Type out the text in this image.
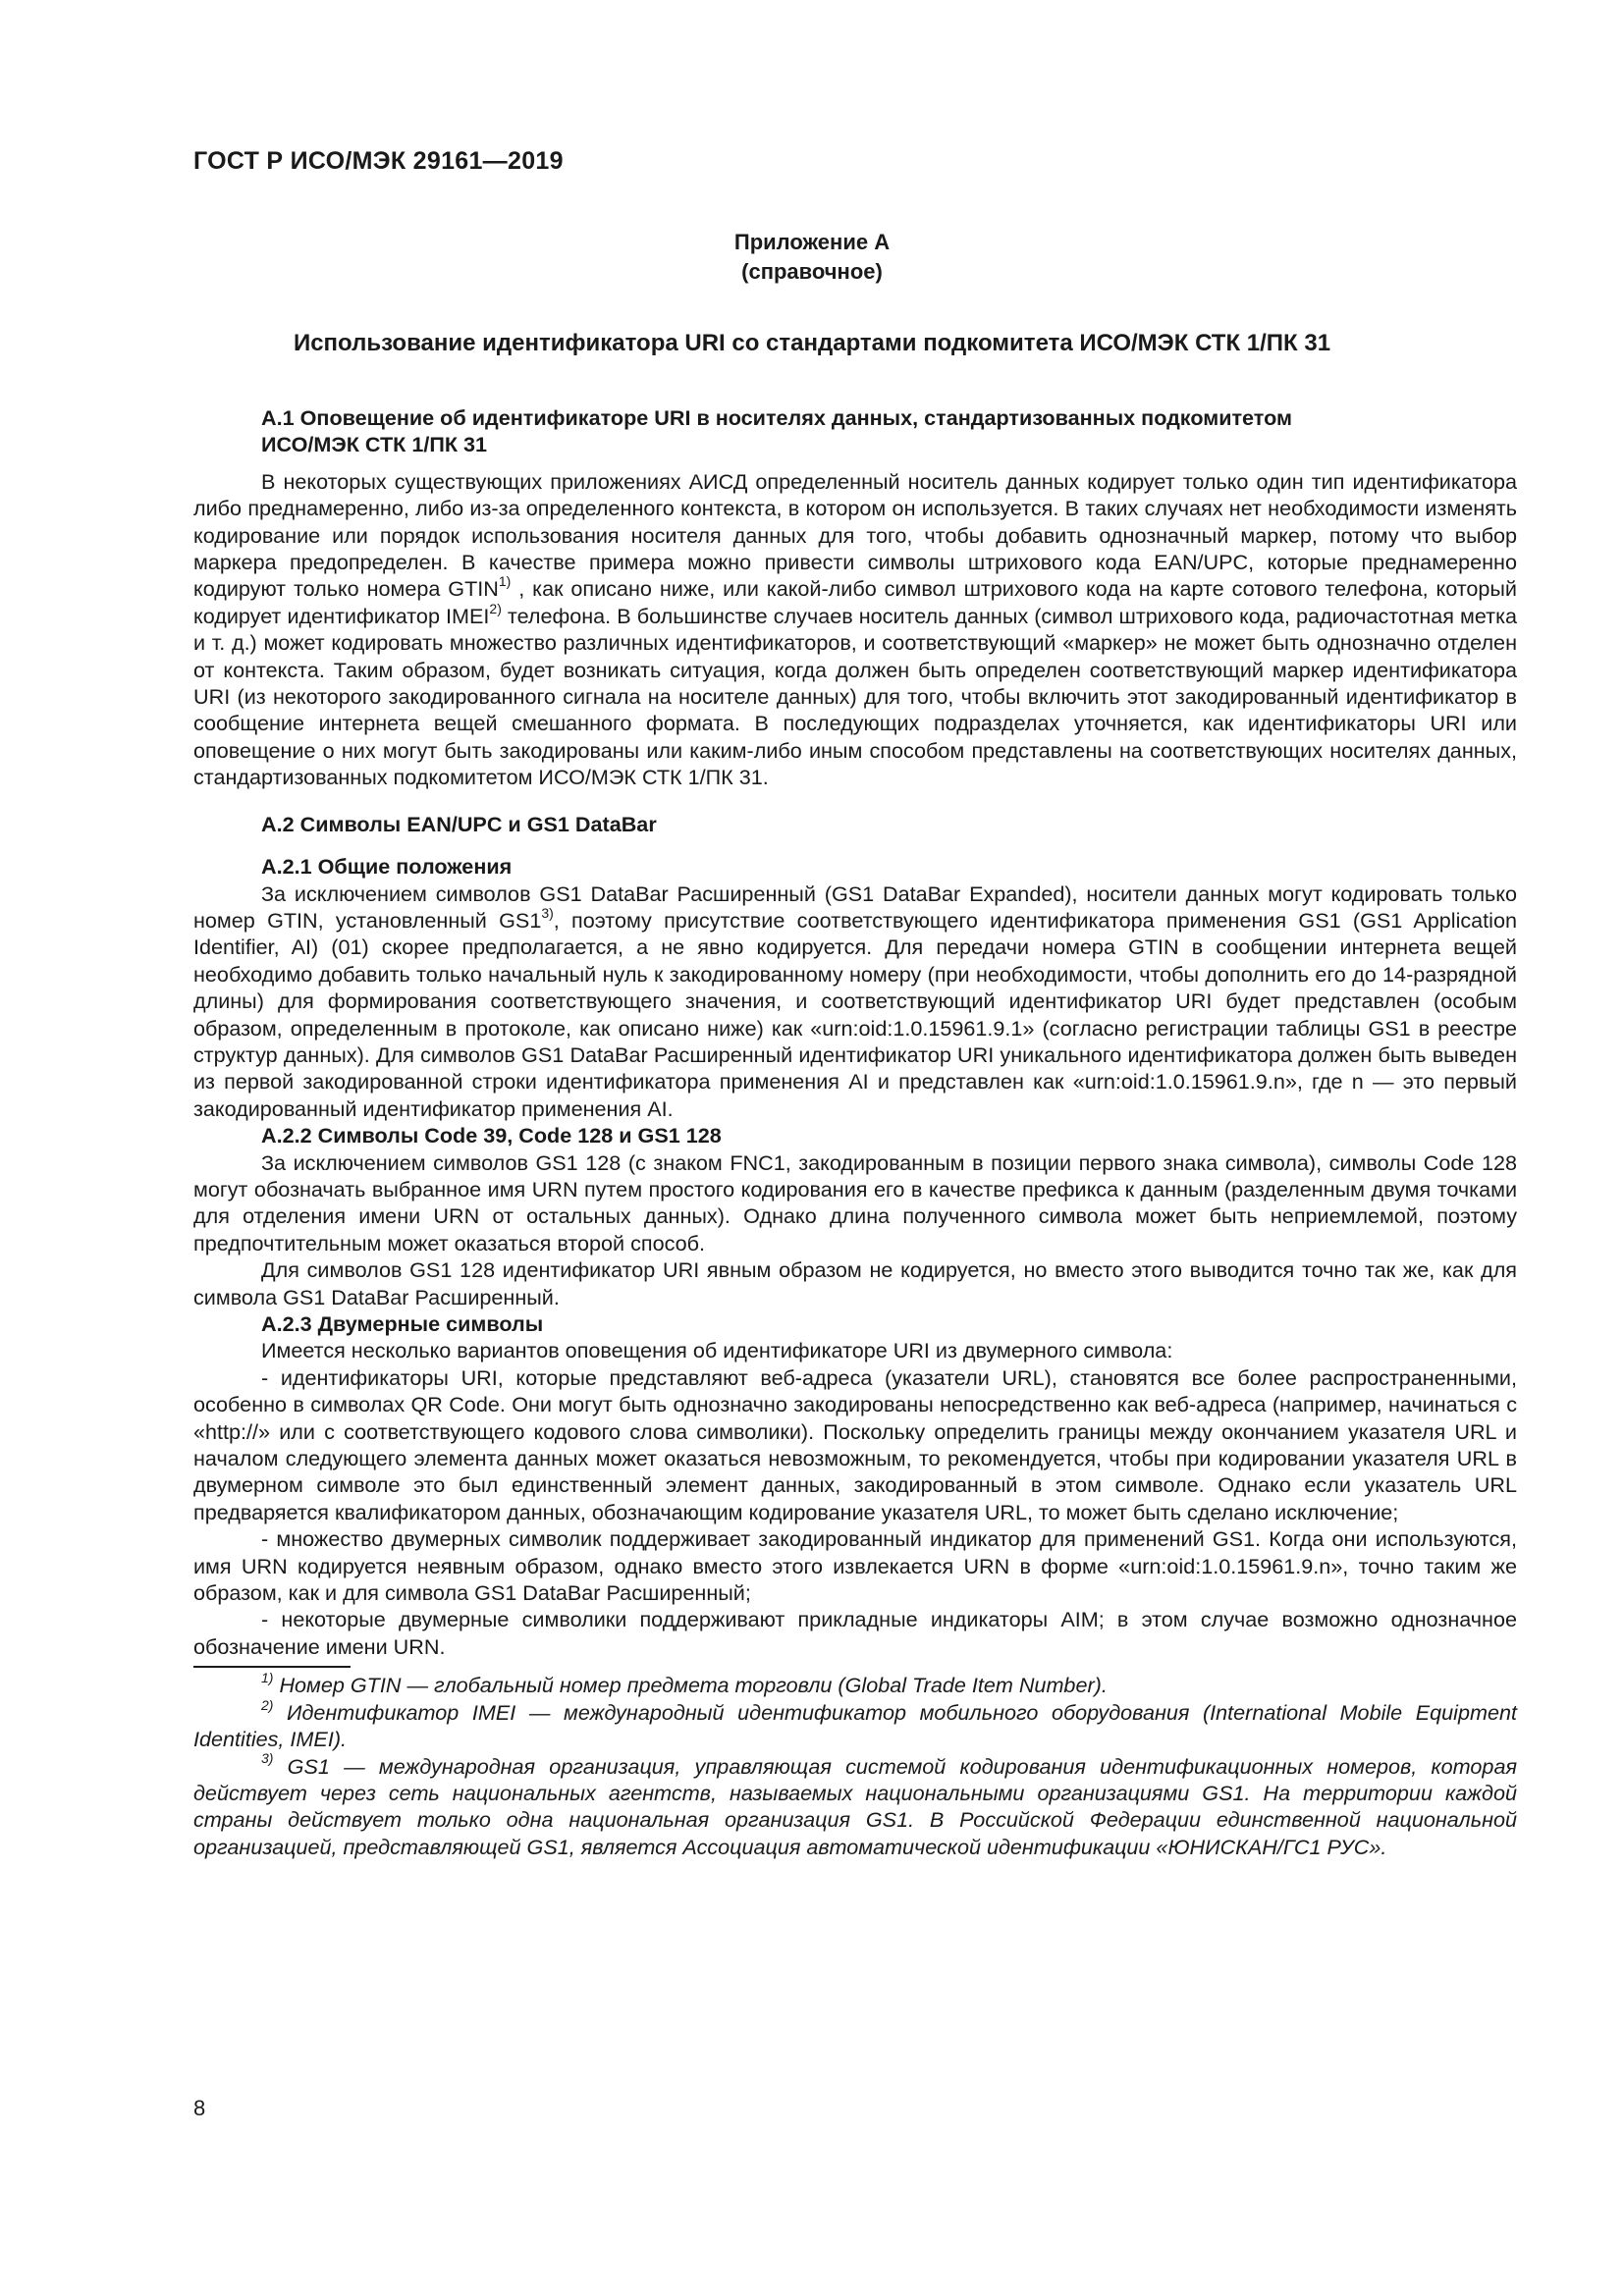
ГОСТ Р ИСО/МЭК 29161—2019
Приложение А
(справочное)
Использование идентификатора URI со стандартами подкомитета ИСО/МЭК СТК 1/ПК 31

А.1 Оповещение об идентификаторе URI в носителях данных, стандартизованных подкомитетом
ИСО/МЭК СТК 1/ПК 31

В некоторых существующих приложениях АИСД определенный носитель данных кодирует только один тип идентификатора либо преднамеренно, либо из-за определенного контекста, в котором он используется. В таких случаях нет необходимости изменять кодирование или порядок использования носителя данных для того, чтобы добавить однозначный маркер, потому что выбор маркера предопределен. В качестве примера можно привести символы штрихового кода EAN/UPC, которые преднамеренно кодируют только номера GTIN$^{1)}$ , как описано ниже, или какой-либо символ штрихового кода на карте сотового телефона, который кодирует идентификатор IMEI$^{2)}$ телефона. В большинстве случаев носитель данных (символ штрихового кода, радиочастотная метка и т. д.) может кодировать множество различных идентификаторов, и соответствующий «маркер» не может быть однозначно отделен от контекста. Таким образом, будет возникать ситуация, когда должен быть определен соответствующий маркер идентификатора URI (из некоторого закодированного сигнала на носителе данных) для того, чтобы включить этот закодированный идентификатор в сообщение интернета вещей смешанного формата. В последующих подразделах уточняется, как идентификаторы URI или оповещение о них могут быть закодированы или каким-либо иным способом представлены на соответствующих носителях данных, стандартизованных подкомитетом ИСО/МЭК СТК 1/ПК 31.

А.2 Символы EAN/UPC и GS1 DataBar

А.2.1 Общие положения

За исключением символов GS1 DataBar Расширенный (GS1 DataBar Expanded), носители данных могут кодировать только номер GTIN, установленный GS1$^{3)}$, поэтому присутствие соответствующего идентификатора применения GS1 (GS1 Application Identifier, AI) (01) скорее предполагается, а не явно кодируется. Для передачи номера GTIN в сообщении интернета вещей необходимо добавить только начальный нуль к закодированному номеру (при необходимости, чтобы дополнить его до 14-разрядной длины) для формирования соответствующего значения, и соответствующий идентификатор URI будет представлен (особым образом, определенным в протоколе, как описано ниже) как «urn:oid:1.0.15961.9.1» (согласно регистрации таблицы GS1 в реестре структур данных). Для символов GS1 DataBar Расширенный идентификатор URI уникального идентификатора должен быть выведен из первой закодированной строки идентификатора применения AI и представлен как «urn:oid:1.0.15961.9.n», где n — это первый закодированный идентификатор применения AI.

А.2.2 Символы Code 39, Code 128 и GS1 128

За исключением символов GS1 128 (с знаком FNC1, закодированным в позиции первого знака символа), символы Code 128 могут обозначать выбранное имя URN путем простого кодирования его в качестве префикса к данным (разделенным двумя точками для отделения имени URN от остальных данных). Однако длина полученного символа может быть неприемлемой, поэтому предпочтительным может оказаться второй способ.

Для символов GS1 128 идентификатор URI явным образом не кодируется, но вместо этого выводится точно так же, как для символа GS1 DataBar Расширенный.

А.2.3 Двумерные символы

Имеется несколько вариантов оповещения об идентификаторе URI из двумерного символа:

- идентификаторы URI, которые представляют веб-адреса (указатели URL), становятся все более распространенными, особенно в символах QR Code. Они могут быть однозначно закодированы непосредственно как веб-адреса (например, начинаться с «http://» или с соответствующего кодового слова символики). Поскольку определить границы между окончанием указателя URL и началом следующего элемента данных может оказаться невозможным, то рекомендуется, чтобы при кодировании указателя URL в двумерном символе это был единственный элемент данных, закодированный в этом символе. Однако если указатель URL предваряется квалификатором данных, обозначающим кодирование указателя URL, то может быть сделано исключение;

- множество двумерных символик поддерживает закодированный индикатор для применений GS1. Когда они используются, имя URN кодируется неявным образом, однако вместо этого извлекается URN в форме «urn:oid:1.0.15961.9.n», точно таким же образом, как и для символа GS1 DataBar Расширенный;

- некоторые двумерные символики поддерживают прикладные индикаторы AIM; в этом случае возможно однозначное обозначение имени URN.

$^{1)}$ Номер GTIN — глобальный номер предмета торговли (Global Trade Item Number).

$^{2)}$ Идентификатор IMEI — международный идентификатор мобильного оборудования (International Mobile Equipment Identities, IMEI).

$^{3)}$ GS1 — международная организация, управляющая системой кодирования идентификационных номеров, которая действует через сеть национальных агентств, называемых национальными организациями GS1. На территории каждой страны действует только одна национальная организация GS1. В Российской Федерации единственной национальной организацией, представляющей GS1, является Ассоциация автоматической идентификации «ЮНИСКАН/ГС1 РУС».

8
